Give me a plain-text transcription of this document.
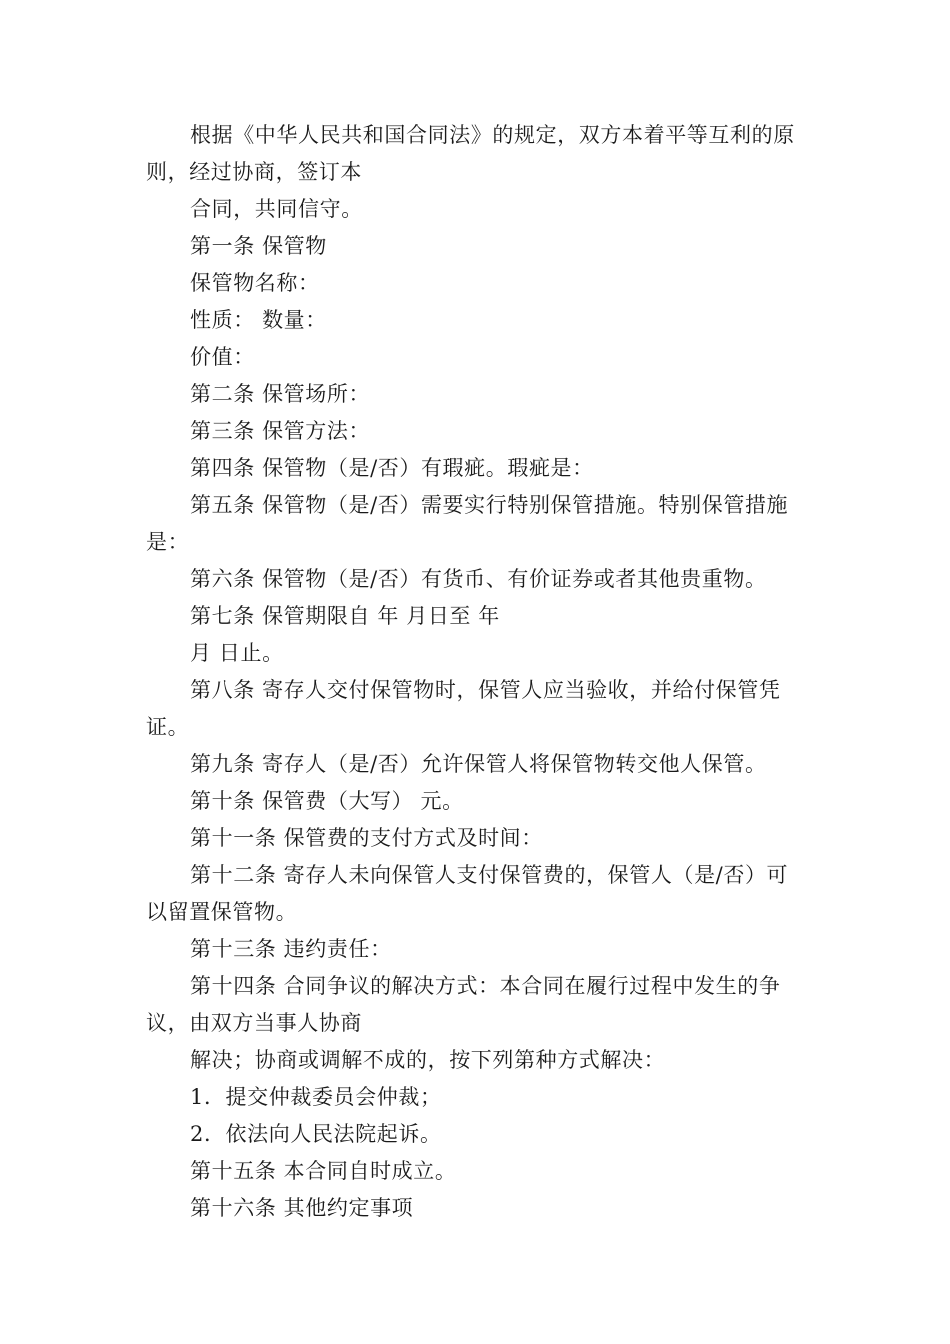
根据《中华人民共和国合同法》的规定，双方本着平等互利的原则，经过协商，签订本

合同，共同信守。

第一条 保管物

保管物名称：

性质： 数量：

价值：

第二条 保管场所：

第三条 保管方法：

第四条 保管物（是/否）有瑕疵。瑕疵是：

第五条 保管物（是/否）需要实行特别保管措施。特别保管措施是：

第六条 保管物（是/否）有货币、有价证券或者其他贵重物。

第七条 保管期限自 年 月日至 年

月 日止。

第八条 寄存人交付保管物时，保管人应当验收，并给付保管凭证。

第九条 寄存人（是/否）允许保管人将保管物转交他人保管。

第十条 保管费（大写） 元。

第十一条 保管费的支付方式及时间：

第十二条 寄存人未向保管人支付保管费的，保管人（是/否）可以留置保管物。

第十三条 违约责任：

第十四条 合同争议的解决方式：本合同在履行过程中发生的争议，由双方当事人协商

解决；协商或调解不成的，按下列第种方式解决：

1．提交仲裁委员会仲裁；

2．依法向人民法院起诉。

第十五条 本合同自时成立。

第十六条 其他约定事项
